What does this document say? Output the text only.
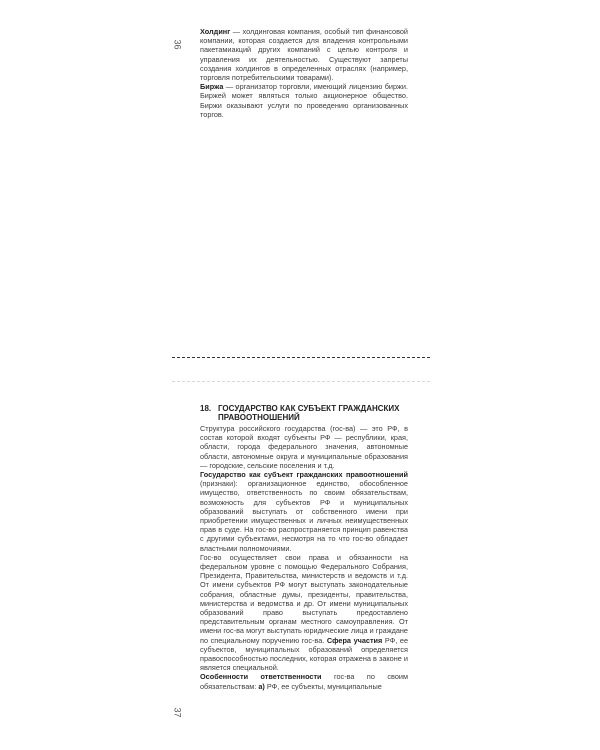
36

Холдинг — холдинговая компания, особый тип финансовой компании, которая создается для владения контрольными пакетамиакций других компаний с целью контроля и управления их деятельностью. Существуют запреты создания холдингов в определенных отраслях (например, торговля потребительскими товарами).

Биржа — организатор торговли, имеющий лицензию биржи. Биржей может являться только акционерное общество. Биржи оказывают услуги по проведению организованных торгов.

18. ГОСУДАРСТВО КАК СУБЪЕКТ ГРАЖДАНСКИХ ПРАВООТНОШЕНИЙ

Структура российского государства (гос-ва) — это РФ, в состав которой входят субъекты РФ — республики, края, области, города федерального значения, автономные области, автономные округа и муниципальные образования — городские, сельские поселения и т.д.

Государство как субъект гражданских правоотношений (признаки): организационное единство, обособленное имущество, ответственность по своим обязательствам, возможность для субъектов РФ и муниципальных образований выступать от собственного имени при приобретении имущественных и личных неимущественных прав в суде. На гос-во распространяется принцип равенства с другими субъектами, несмотря на то что гос-во обладает властными полномочиями.

Гос-во осуществляет свои права и обязанности на федеральном уровне с помощью Федерального Собрания, Президента, Правительства, министерств и ведомств и т.д. От имени субъектов РФ могут выступать законодательные собрания, областные думы, президенты, правительства, министерства и ведомства и др. От имени муниципальных образований право выступать предоставлено представительным органам местного самоуправления. От имени гос-ва могут выступать юридические лица и граждане по специальному поручению гос-ва. Сфера участия РФ, ее субъектов, муниципальных образований определяется правоспособностью последних, которая отражена в законе и является специальной.

Особенности ответственности гос-ва по своим обязательствам: а) РФ, ее субъекты, муниципальные

37
